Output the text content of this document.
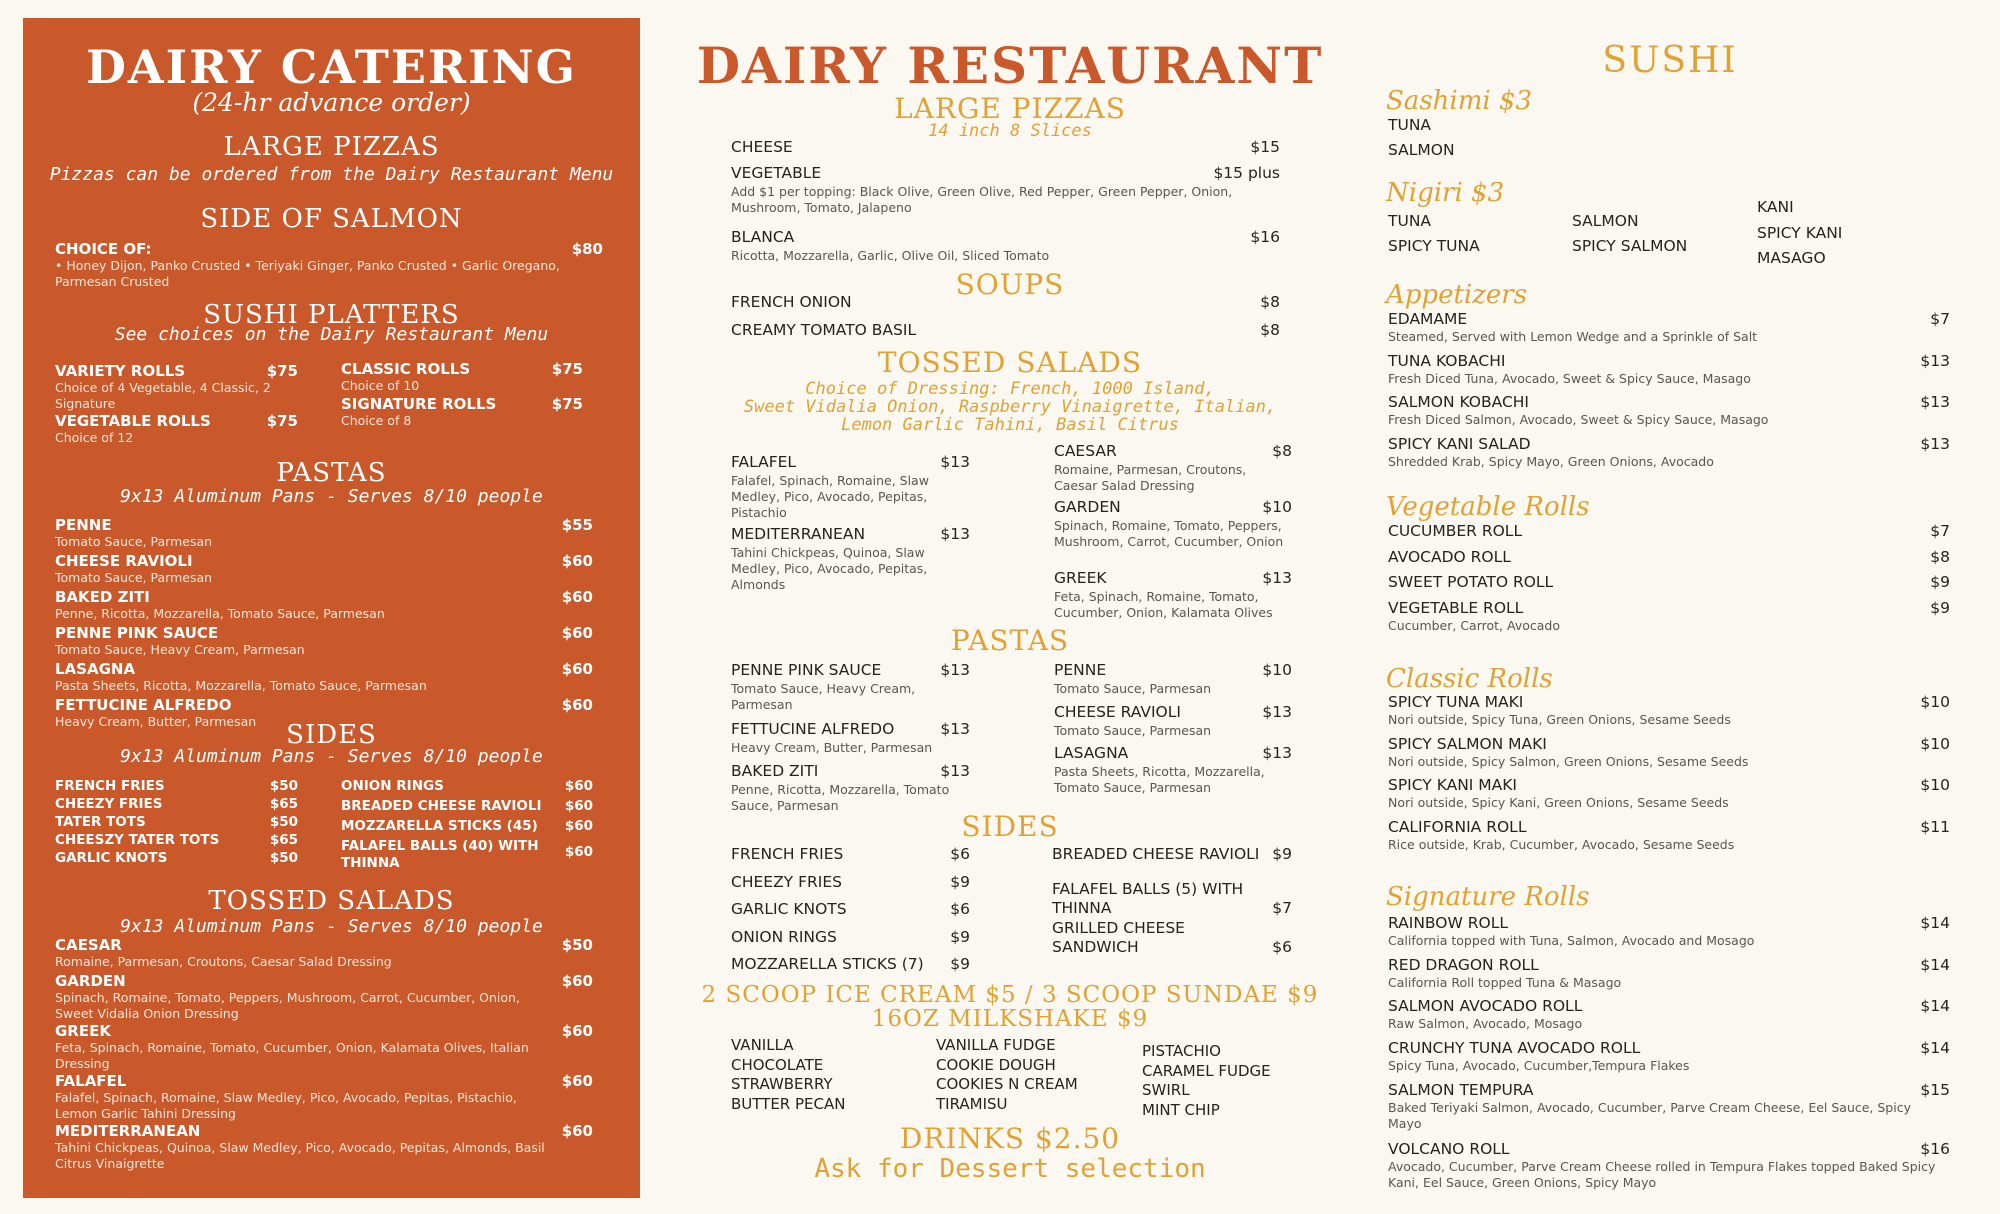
DAIRY CATERING
(24-hr advance order)
LARGE PIZZAS
Pizzas can be ordered from the Dairy Restaurant Menu
SIDE OF SALMON
CHOICE OF:	$80
• Honey Dijon, Panko Crusted • Teriyaki Ginger, Panko Crusted • Garlic Oregano, Parmesan Crusted
SUSHI PLATTERS
See choices on the Dairy Restaurant Menu
VARIETY ROLLS	$75
Choice of 4 Vegetable, 4 Classic, 2 Signature
VEGETABLE ROLLS	$75
Choice of 12
CLASSIC ROLLS	$75
Choice of 10
SIGNATURE ROLLS	$75
Choice of 8
PASTAS
9x13 Aluminum Pans - Serves 8/10 people
PENNE	$55
Tomato Sauce, Parmesan
CHEESE RAVIOLI	$60
Tomato Sauce, Parmesan
BAKED ZITI	$60
Penne, Ricotta, Mozzarella, Tomato Sauce, Parmesan
PENNE PINK SAUCE	$60
Tomato Sauce, Heavy Cream, Parmesan
LASAGNA	$60
Pasta Sheets, Ricotta, Mozzarella, Tomato Sauce, Parmesan
FETTUCINE ALFREDO	$60
Heavy Cream, Butter, Parmesan	SIDES
9x13 Aluminum Pans - Serves 8/10 people
FRENCH FRIES	$50
CHEEZY FRIES	$65
TATER TOTS	$50
CHEESZY TATER TOTS	$65
GARLIC KNOTS	$50
ONION RINGS	$60
BREADED CHEESE RAVIOLI	$60
MOZZARELLA STICKS (45)	$60
FALAFEL BALLS (40) WITH	$60
THINNA
TOSSED SALADS
9x13 Aluminum Pans - Serves 8/10 people
CAESAR	$50
Romaine, Parmesan, Croutons, Caesar Salad Dressing
GARDEN	$60
Spinach, Romaine, Tomato, Peppers, Mushroom, Carrot, Cucumber, Onion, Sweet Vidalia Onion Dressing
GREEK	$60
Feta, Spinach, Romaine, Tomato, Cucumber, Onion, Kalamata Olives, Italian Dressing
FALAFEL	$60
Falafel, Spinach, Romaine, Slaw Medley, Pico, Avocado, Pepitas, Pistachio, Lemon Garlic Tahini Dressing
MEDITERRANEAN	$60
Tahini Chickpeas, Quinoa, Slaw Medley, Pico, Avocado, Pepitas, Almonds, Basil Citrus Vinaigrette
DAIRY RESTAURANT
LARGE PIZZAS
14 inch 8 Slices
CHEESE	$15
VEGETABLE	$15 plus
Add $1 per topping: Black Olive, Green Olive, Red Pepper, Green Pepper, Onion, Mushroom, Tomato, Jalapeno
BLANCA	$16
Ricotta, Mozzarella, Garlic, Olive Oil, Sliced Tomato
SOUPS
FRENCH ONION	$8
CREAMY TOMATO BASIL	$8
TOSSED SALADS
Choice of Dressing: French, 1000 Island,
Sweet Vidalia Onion, Raspberry Vinaigrette, Italian,
Lemon Garlic Tahini, Basil Citrus
FALAFEL	$13
Falafel, Spinach, Romaine, Slaw Medley, Pico, Avocado, Pepitas, Pistachio
MEDITERRANEAN	$13
Tahini Chickpeas, Quinoa, Slaw Medley, Pico, Avocado, Pepitas, Almonds
CAESAR	$8
Romaine, Parmesan, Croutons, Caesar Salad Dressing
GARDEN	$10
Spinach, Romaine, Tomato, Peppers, Mushroom, Carrot, Cucumber, Onion
GREEK	$13
Feta, Spinach, Romaine, Tomato, Cucumber, Onion, Kalamata Olives
PASTAS
PENNE PINK SAUCE	$13
Tomato Sauce, Heavy Cream, Parmesan
FETTUCINE ALFREDO	$13
Heavy Cream, Butter, Parmesan
BAKED ZITI	$13
Penne, Ricotta, Mozzarella, Tomato Sauce, Parmesan
PENNE	$10
Tomato Sauce, Parmesan
CHEESE RAVIOLI	$13
Tomato Sauce, Parmesan
LASAGNA	$13
Pasta Sheets, Ricotta, Mozzarella, Tomato Sauce, Parmesan
SIDES
FRENCH FRIES	$6
CHEEZY FRIES	$9
GARLIC KNOTS	$6
ONION RINGS	$9
MOZZARELLA STICKS (7)	$9
BREADED CHEESE RAVIOLI $9
FALAFEL BALLS (5) WITH
THINNA	$7
GRILLED CHEESE
SANDWICH	$6
2 SCOOP ICE CREAM $5 / 3 SCOOP SUNDAE $9
16OZ MILKSHAKE $9
VANILLA
CHOCOLATE
STRAWBERRY
BUTTER PECAN
VANILLA FUDGE
COOKIE DOUGH
COOKIES N CREAM
TIRAMISU
PISTACHIO
CARAMEL FUDGE
SWIRL
MINT CHIP
DRINKS $2.50
Ask for Dessert selection
SUSHI
Sashimi $3
TUNA
SALMON
Nigiri $3
TUNA
SPICY TUNA
SALMON
SPICY SALMON
KANI
SPICY KANI
MASAGO
Appetizers
EDAMAME	$7
Steamed, Served with Lemon Wedge and a Sprinkle of Salt
TUNA KOBACHI	$13
Fresh Diced Tuna, Avocado, Sweet & Spicy Sauce, Masago
SALMON KOBACHI	$13
Fresh Diced Salmon, Avocado, Sweet & Spicy Sauce, Masago
SPICY KANI SALAD	$13
Shredded Krab, Spicy Mayo, Green Onions, Avocado
Vegetable Rolls
CUCUMBER ROLL	$7
AVOCADO ROLL	$8
SWEET POTATO ROLL	$9
VEGETABLE ROLL	$9
Cucumber, Carrot, Avocado
Classic Rolls
SPICY TUNA MAKI	$10
Nori outside, Spicy Tuna, Green Onions, Sesame Seeds
SPICY SALMON MAKI	$10
Nori outside, Spicy Salmon, Green Onions, Sesame Seeds
SPICY KANI MAKI	$10
Nori outside, Spicy Kani, Green Onions, Sesame Seeds
CALIFORNIA ROLL	$11
Rice outside, Krab, Cucumber, Avocado, Sesame Seeds
Signature Rolls
RAINBOW ROLL	$14
California topped with Tuna, Salmon, Avocado and Mosago
RED DRAGON ROLL	$14
California Roll topped Tuna & Masago
SALMON AVOCADO ROLL	$14
Raw Salmon, Avocado, Mosago
CRUNCHY TUNA AVOCADO ROLL	$14
Spicy Tuna, Avocado, Cucumber,Tempura Flakes
SALMON TEMPURA	$15
Baked Teriyaki Salmon, Avocado, Cucumber, Parve Cream Cheese, Eel Sauce, Spicy Mayo
VOLCANO ROLL	$16
Avocado, Cucumber, Parve Cream Cheese rolled in Tempura Flakes topped Baked Spicy Kani, Eel Sauce, Green Onions, Spicy Mayo
